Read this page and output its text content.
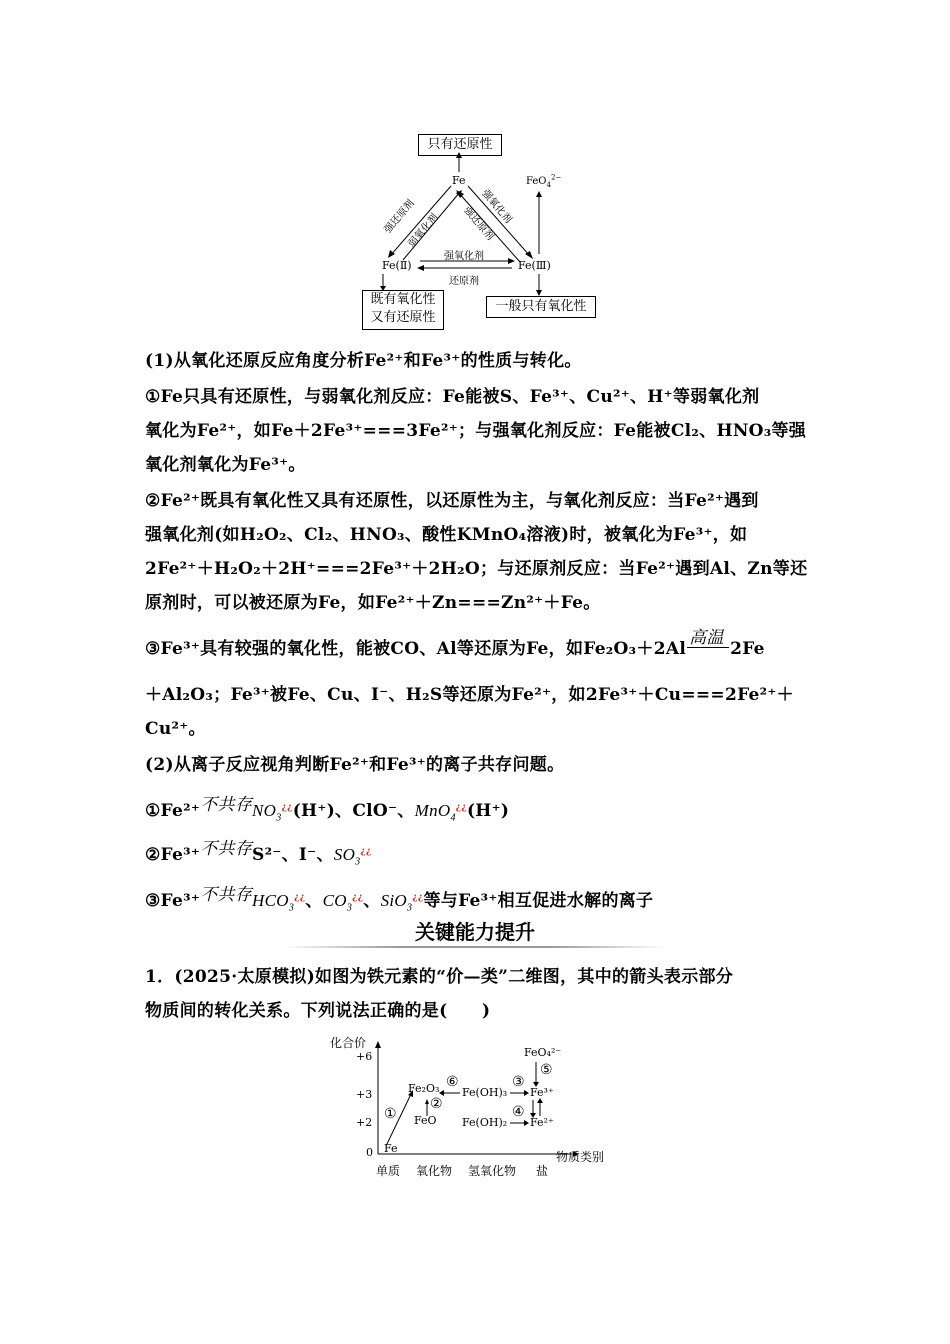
只有还原性
Fe	FeO$_4^{2-}$
Fe(Ⅱ)	Fe(Ⅲ)
强还原剂
弱氧化剂
强氧化剂
强还原剂
强氧化剂
还原剂
既有氧化性
又有还原性
一般只有氧化性
(1)从氧化还原反应角度分析Fe²⁺和Fe³⁺的性质与转化。
①Fe只具有还原性，与弱氧化剂反应：Fe能被S、Fe³⁺、Cu²⁺、H⁺等弱氧化剂
氧化为Fe²⁺，如Fe＋2Fe³⁺===3Fe²⁺；与强氧化剂反应：Fe能被Cl₂、HNO₃等强
氧化剂氧化为Fe³⁺。
②Fe²⁺既具有氧化性又具有还原性，以还原性为主，与氧化剂反应：当Fe²⁺遇到
强氧化剂(如H₂O₂、Cl₂、HNO₃、酸性KMnO₄溶液)时，被氧化为Fe³⁺，如
2Fe²⁺＋H₂O₂＋2H⁺===2Fe³⁺＋2H₂O；与还原剂反应：当Fe²⁺遇到Al、Zn等还
原剂时，可以被还原为Fe，如Fe²⁺＋Zn===Zn²⁺＋Fe。
③Fe³⁺具有较强的氧化性，能被CO、Al等还原为Fe，如Fe₂O₃＋2Al
高温
2Fe
＋Al₂O₃；Fe³⁺被Fe、Cu、I⁻、H₂S等还原为Fe²⁺，如2Fe³⁺＋Cu===2Fe²⁺＋
Cu²⁺。
(2)从离子反应视角判断Fe²⁺和Fe³⁺的离子共存问题。
①Fe²⁺不共存$NO_3^{¿¿}(H^+)$、ClO⁻、MnO$_4$¿¿(H⁺)
②Fe³⁺不共存S²⁻、I⁻、$SO_3^{¿¿}$
③Fe³⁺不共存$HCO_3^{¿¿}$、$CO_3^{¿¿}$、SiO$_3$¿¿等与Fe³⁺相互促进水解的离子
关键能力提升
1．(2025·太原模拟)如图为铁元素的“价—类”二维图，其中的箭头表示部分
物质间的转化关系。下列说法正确的是(　　)
化合价
+6
+3
+2
0 Fe
Fe₂O₃
FeO
Fe(OH)₃
Fe(OH)₂
Fe³⁺
Fe²⁺
FeO₄²⁻
①
②
③
④
⑤
⑥
物质类别
单质 氧化物 氢氧化物 盐
